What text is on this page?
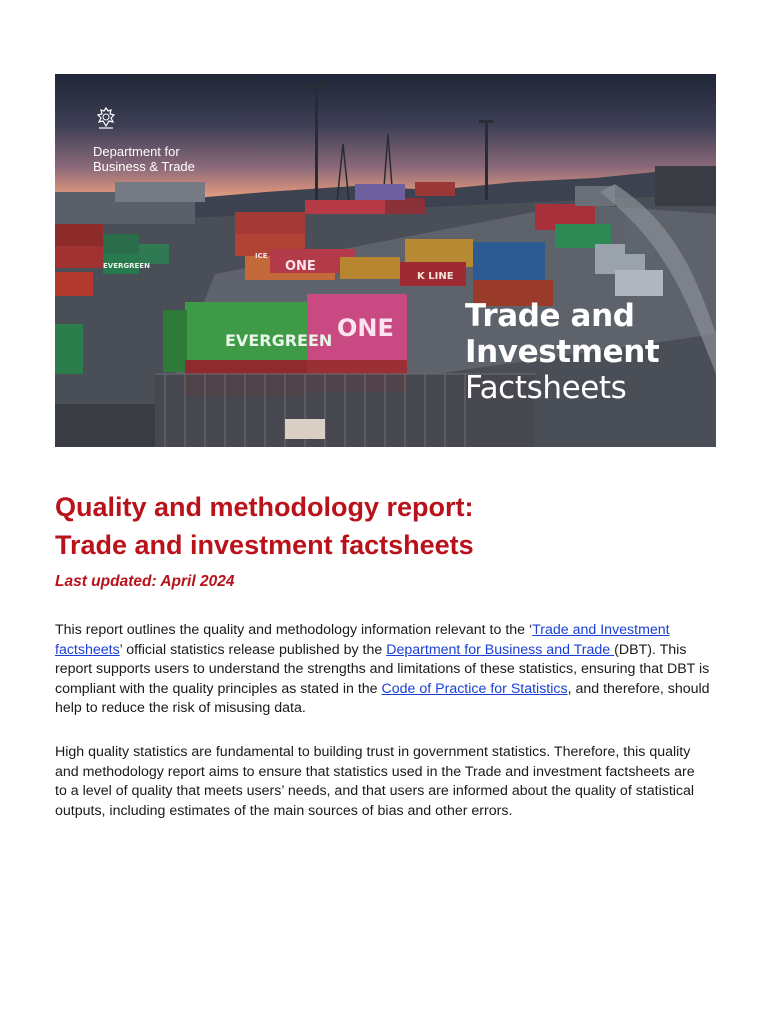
EVERGREEN ONE
ONE
K LINE
EVERGREEN
ICE
Department for
Business & Trade
Trade and
Investment
Factsheets
Quality and methodology report:
Trade and investment factsheets
Last updated: April 2024

This report outlines the quality and methodology information relevant to the ‘Trade and Investment factsheets’ official statistics release published by the Department for Business and Trade (DBT). This report supports users to understand the strengths and limitations of these statistics, ensuring that DBT is compliant with the quality principles as stated in the Code of Practice for Statistics, and therefore, should help to reduce the risk of misusing data.

High quality statistics are fundamental to building trust in government statistics. Therefore, this quality and methodology report aims to ensure that statistics used in the Trade and investment factsheets are to a level of quality that meets users’ needs, and that users are informed about the quality of statistical outputs, including estimates of the main sources of bias and other errors.
